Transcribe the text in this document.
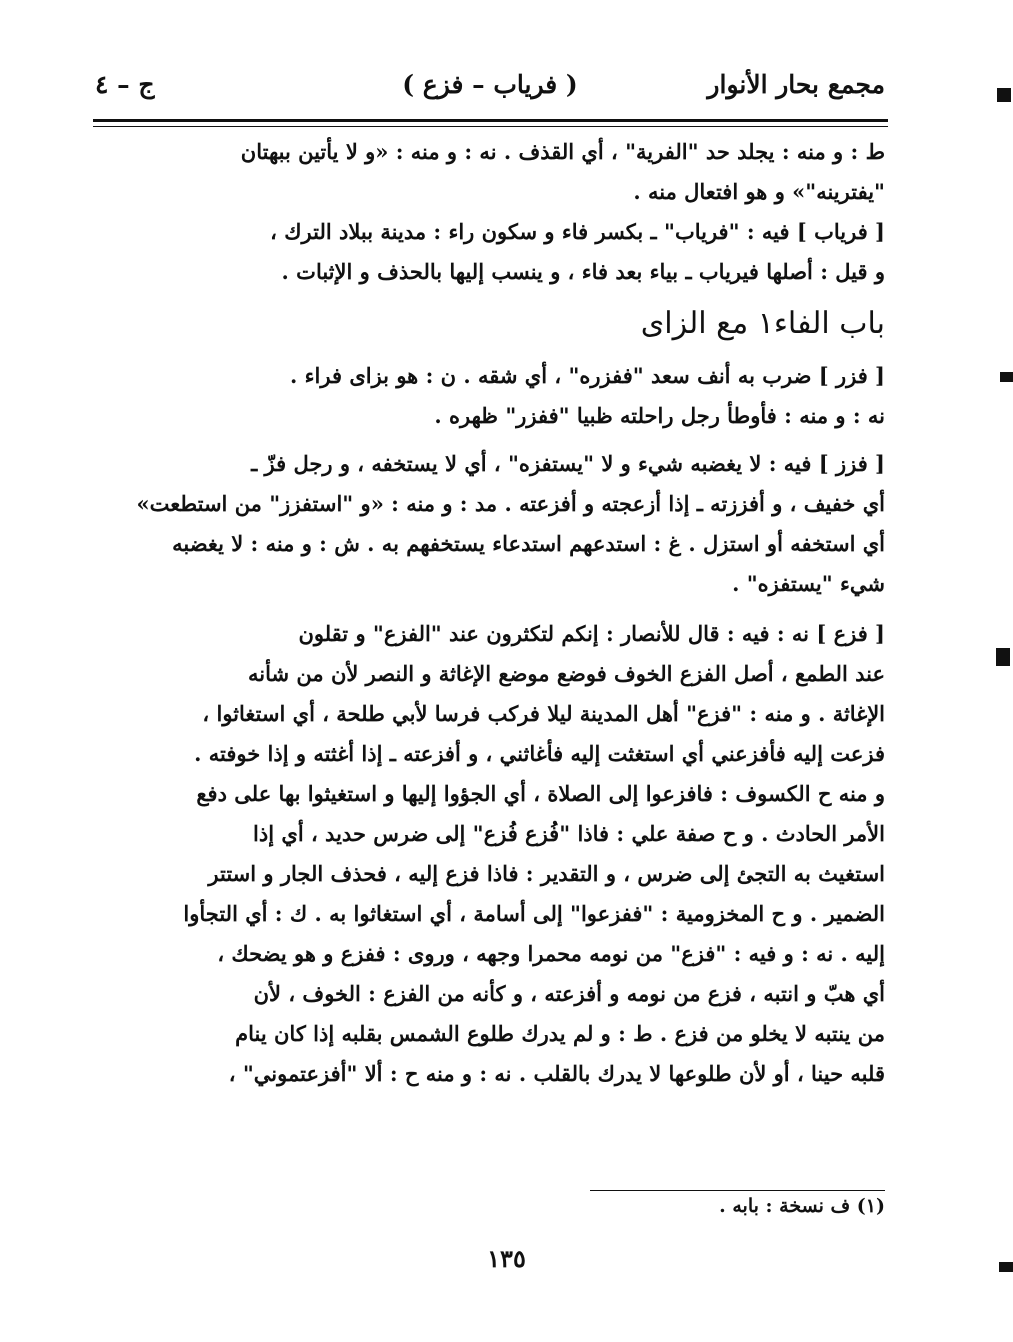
مجمع بحار الأنوار
( فرياب – فزع )
ج – ٤
ط : و منه : يجلد حد "الفرية" ، أي القذف . نه : و منه : «و لا يأتين ببهتان
"يفترينه"» و هو افتعال منه .
[ فرياب ] فيه : "فرياب" ـ بكسر فاء و سكون راء : مدينة ببلاد الترك ،
و قيل : أصلها فيرياب ـ بياء بعد فاء ، و ينسب إليها بالحذف و الإثبات .
باب الفاء١ مع الزاى
[ فزر ] ضرب به أنف سعد "ففزره" ، أي شقه . ن : هو بزاى فراء .
نه : و منه : فأوطأ رجل راحلته ظبيا "ففزر" ظهره .
[ فزز ] فيه : لا يغضبه شيء و لا "يستفزه" ، أي لا يستخفه ، و رجل فزّ ـ
أي خفيف ، و أفززته ـ إذا أزعجته و أفزعته . مد : و منه : «و "استفزز" من استطعت»
أي استخفه أو استزل . غ : استدعهم استدعاء يستخفهم به . ش : و منه : لا يغضبه
شيء "يستفزه" .
[ فزع ] نه : فيه : قال للأنصار : إنكم لتكثرون عند "الفزع" و تقلون
عند الطمع ، أصل الفزع الخوف فوضع موضع الإغاثة و النصر لأن من شأنه
الإغاثة . و منه : "فزع" أهل المدينة ليلا فركب فرسا لأبي طلحة ، أي استغاثوا ،
فزعت إليه فأفزعني أي استغثت إليه فأغاثني ، و أفزعته ـ إذا أغثته و إذا خوفته .
و منه ح الكسوف : فافزعوا إلى الصلاة ، أي الجؤوا إليها و استغيثوا بها على دفع
الأمر الحادث . و ح صفة علي : فاذا "فُزع فُزع" إلى ضرس حديد ، أي إذا
استغيث به التجئ إلى ضرس ، و التقدير : فاذا فزع إليه ، فحذف الجار و استتر
الضمير . و ح المخزومية : "ففزعوا" إلى أسامة ، أي استغاثوا به . ك : أي التجأوا
إليه . نه : و فيه : "فزع" من نومه محمرا وجهه ، وروى : ففزع و هو يضحك ،
أي هبّ و انتبه ، فزع من نومه و أفزعته ، و كأنه من الفزع : الخوف ، لأن
من ينتبه لا يخلو من فزع . ط : و لم يدرك طلوع الشمس بقلبه إذا كان ينام
قلبه حينا ، أو لأن طلوعها لا يدرك بالقلب . نه : و منه ح : ألا "أفزعتموني" ،
(١) ف نسخة : بابه .
١٣٥
